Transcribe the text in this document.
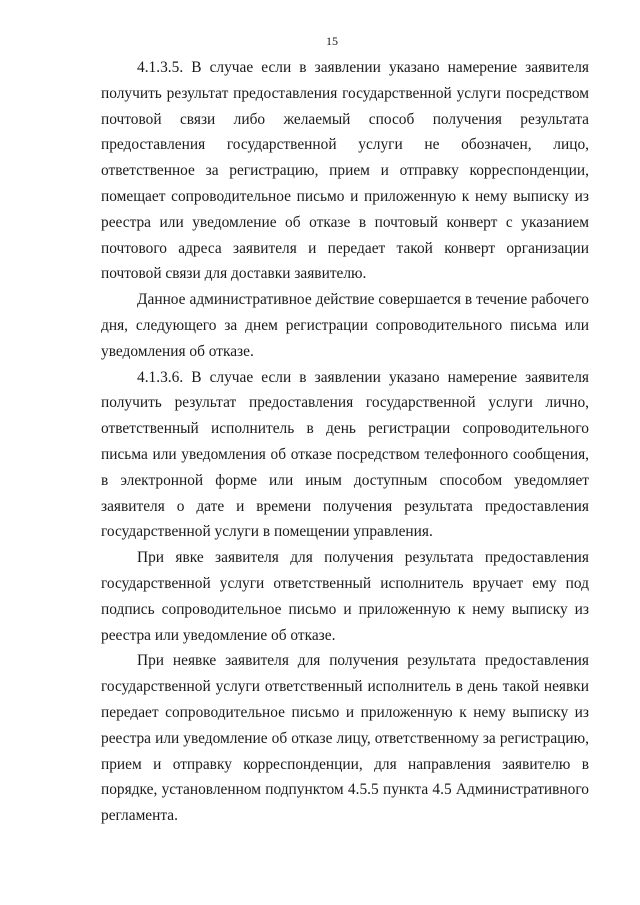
15

4.1.3.5. В случае если в заявлении указано намерение заявителя получить результат предоставления государственной услуги посредством почтовой связи либо желаемый способ получения результата предоставления государственной услуги не обозначен, лицо, ответственное за регистрацию, прием и отправку корреспонденции, помещает сопроводительное письмо и приложенную к нему выписку из реестра или уведомление об отказе в почтовый конверт с указанием почтового адреса заявителя и передает такой конверт организации почтовой связи для доставки заявителю.

Данное административное действие совершается в течение рабочего дня, следующего за днем регистрации сопроводительного письма или уведомления об отказе.

4.1.3.6. В случае если в заявлении указано намерение заявителя получить результат предоставления государственной услуги лично, ответственный исполнитель в день регистрации сопроводительного письма или уведомления об отказе посредством телефонного сообщения, в электронной форме или иным доступным способом уведомляет заявителя о дате и времени получения результата предоставления государственной услуги в помещении управления.

При явке заявителя для получения результата предоставления государственной услуги ответственный исполнитель вручает ему под подпись сопроводительное письмо и приложенную к нему выписку из реестра или уведомление об отказе.

При неявке заявителя для получения результата предоставления государственной услуги ответственный исполнитель в день такой неявки передает сопроводительное письмо и приложенную к нему выписку из реестра или уведомление об отказе лицу, ответственному за регистрацию, прием и отправку корреспонденции, для направления заявителю в порядке, установленном подпунктом 4.5.5 пункта 4.5 Административного регламента.
